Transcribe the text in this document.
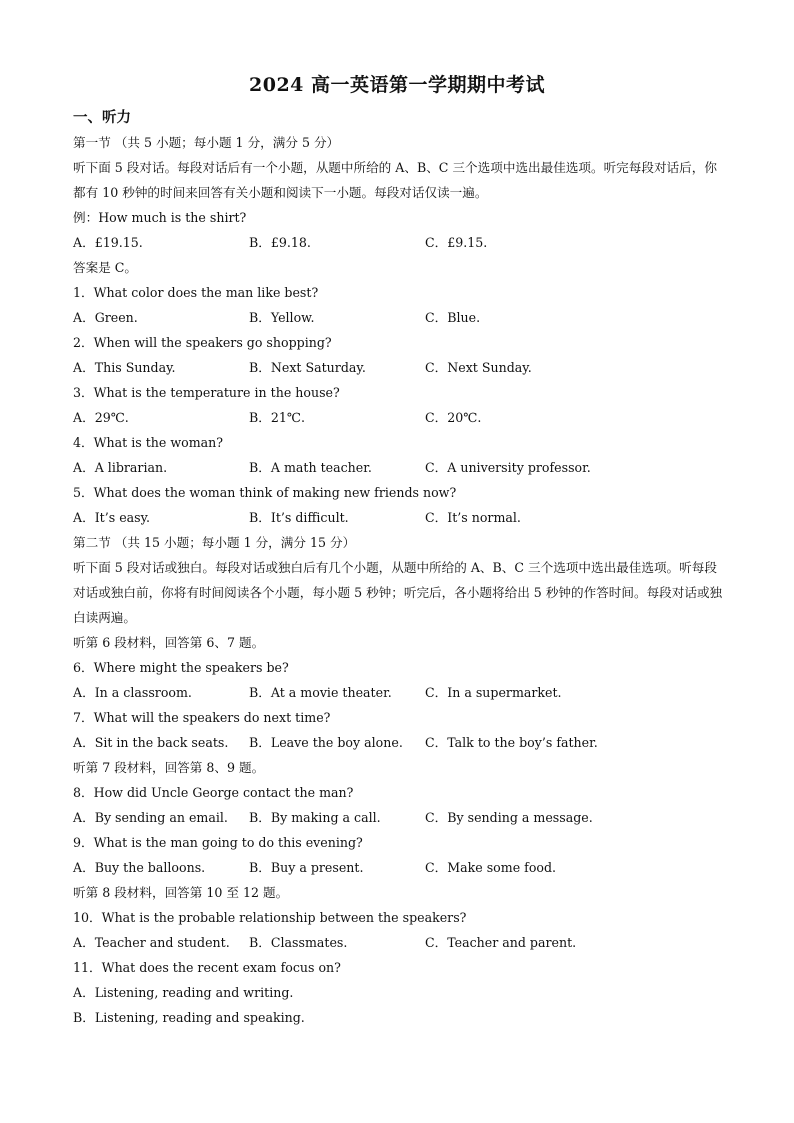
2024 高一英语第一学期期中考试
一、听力
第一节 （共 5 小题；每小题 1 分，满分 5 分）
听下面 5 段对话。每段对话后有一个小题，从题中所给的 A、B、C 三个选项中选出最佳选项。听完每段对话后，你都有 10 秒钟的时间来回答有关小题和阅读下一小题。每段对话仅读一遍。
例：How much is the shirt?
A．£19.15.	B．£9.18.	C．£9.15.
答案是 C。
1．What color does the man like best?
A．Green.	B．Yellow.	C．Blue.
2．When will the speakers go shopping?
A．This Sunday.	B．Next Saturday.	C．Next Sunday.
3．What is the temperature in the house?
A．29℃.	B．21℃.	C．20℃.
4．What is the woman?
A．A librarian.	B．A math teacher.	C．A university professor.
5．What does the woman think of making new friends now?
A．It’s easy.	B．It’s difficult.	C．It’s normal.
第二节 （共 15 小题；每小题 1 分，满分 15 分）
听下面 5 段对话或独白。每段对话或独白后有几个小题，从题中所给的 A、B、C 三个选项中选出最佳选项。听每段对话或独白前，你将有时间阅读各个小题，每小题 5 秒钟；听完后，各小题将给出 5 秒钟的作答时间。每段对话或独白读两遍。
听第 6 段材料，回答第 6、7 题。
6．Where might the speakers be?
A．In a classroom.	B．At a movie theater.	C．In a supermarket.
7．What will the speakers do next time?
A．Sit in the back seats.	B．Leave the boy alone.	C．Talk to the boy’s father.
听第 7 段材料，回答第 8、9 题。
8．How did Uncle George contact the man?
A．By sending an email.	B．By making a call.	C．By sending a message.
9．What is the man going to do this evening?
A．Buy the balloons.	B．Buy a present.	C．Make some food.
听第 8 段材料，回答第 10 至 12 题。
10．What is the probable relationship between the speakers?
A．Teacher and student.	B．Classmates.	C．Teacher and parent.
11．What does the recent exam focus on?
A．Listening, reading and writing.
B．Listening, reading and speaking.
